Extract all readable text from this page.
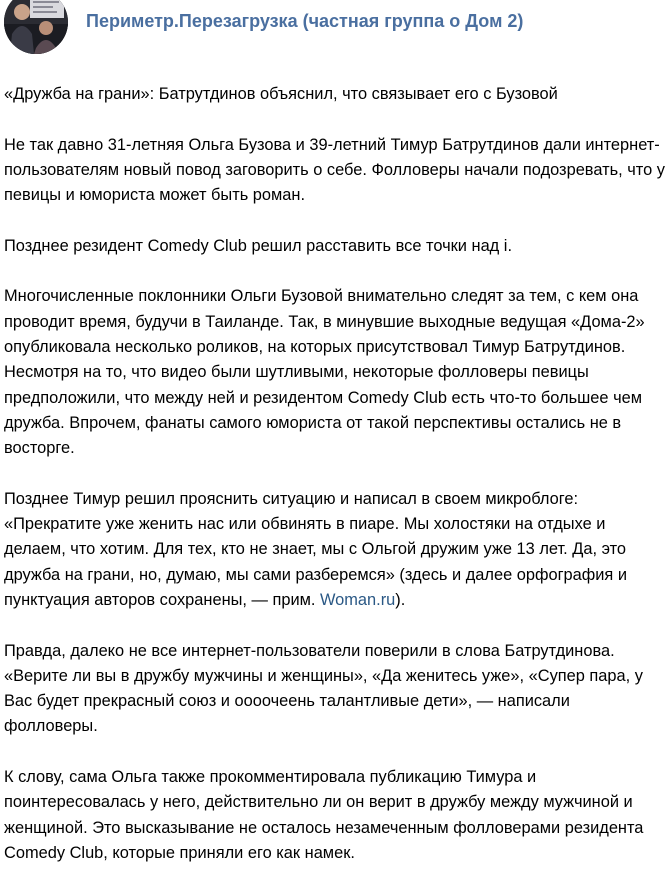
Периметр.Перезагрузка (частная группа о Дом 2)

«Дружба на грани»: Батрутдинов объяснил, что связывает его с Бузовой

Не так давно 31-летняя Ольга Бузова и 39-летний Тимур Батрутдинов дали интернет-пользователям новый повод заговорить о себе. Фолловеры начали подозревать, что у певицы и юмориста может быть роман.

Позднее резидент Comedy Club решил расставить все точки над i.

Многочисленные поклонники Ольги Бузовой внимательно следят за тем, с кем она проводит время, будучи в Таиланде. Так, в минувшие выходные ведущая «Дома-2» опубликовала несколько роликов, на которых присутствовал Тимур Батрутдинов. Несмотря на то, что видео были шутливыми, некоторые фолловеры певицы предположили, что между ней и резидентом Comedy Club есть что-то большее чем дружба. Впрочем, фанаты самого юмориста от такой перспективы остались не в восторге.

Позднее Тимур решил прояснить ситуацию и написал в своем микроблоге: «Прекратите уже женить нас или обвинять в пиаре. Мы холостяки на отдыхе и делаем, что хотим. Для тех, кто не знает, мы с Ольгой дружим уже 13 лет. Да, это дружба на грани, но, думаю, мы сами разберемся» (здесь и далее орфография и пунктуация авторов сохранены, — прим. Woman.ru).

Правда, далеко не все интернет-пользователи поверили в слова Батрутдинова. «Верите ли вы в дружбу мужчины и женщины», «Да женитесь уже», «Супер пара, у Вас будет прекрасный союз и оооочеень талантливые дети», — написали фолловеры.

К слову, сама Ольга также прокомментировала публикацию Тимура и поинтересовалась у него, действительно ли он верит в дружбу между мужчиной и женщиной. Это высказывание не осталось незамеченным фолловерами резидента Comedy Club, которые приняли его как намек.
